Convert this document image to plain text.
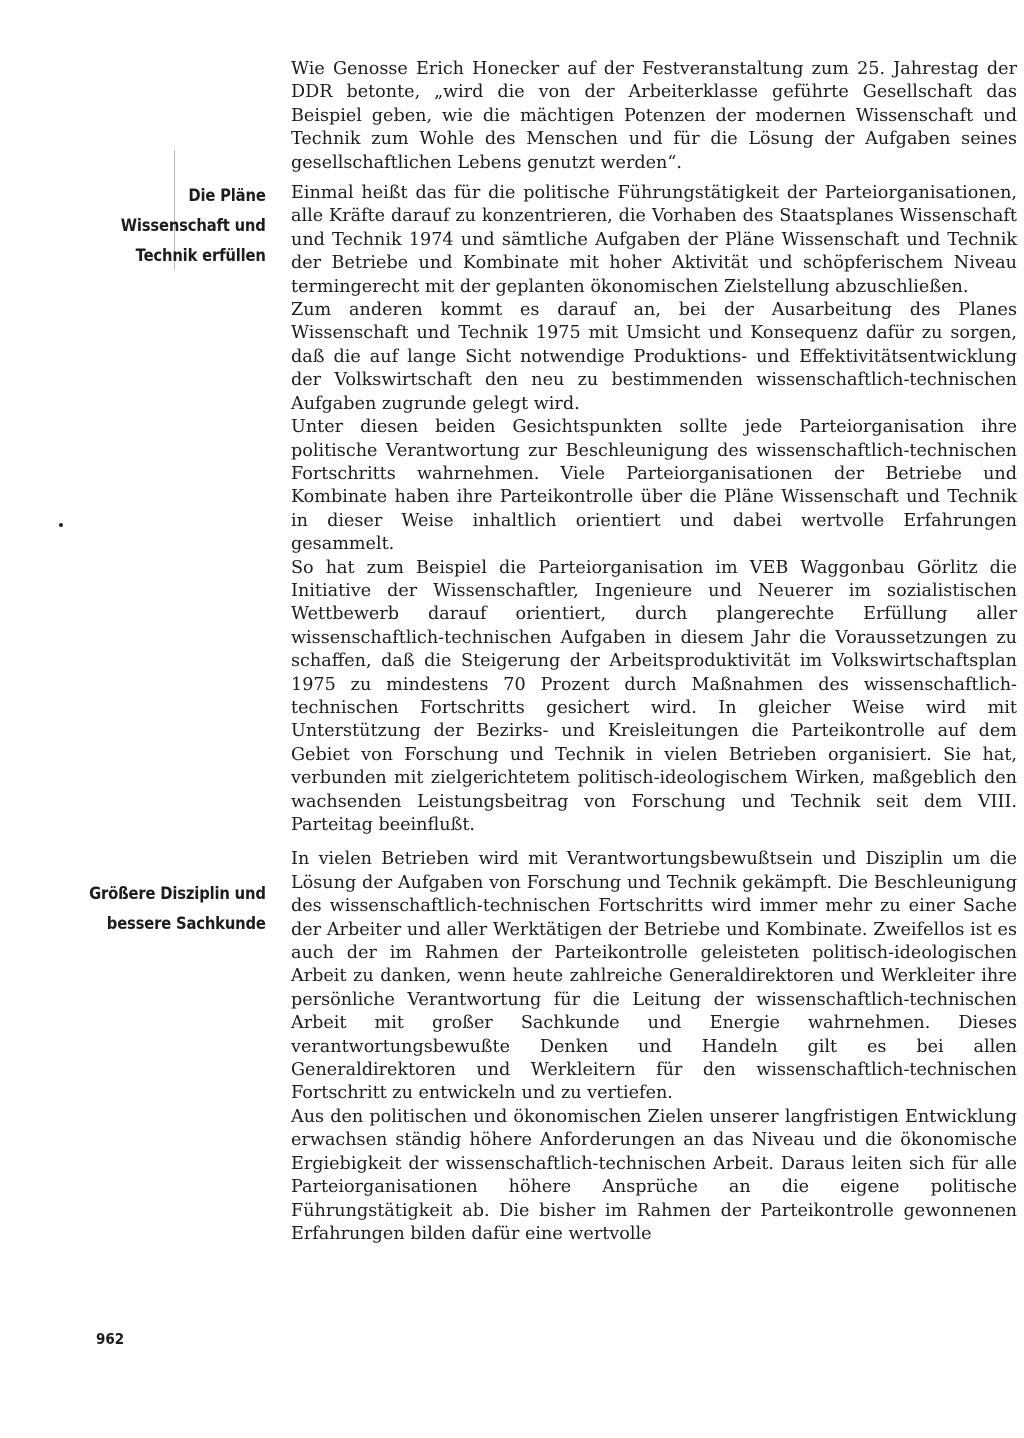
Die Pläne
Wissenschaft und
Technik erfüllen
Größere Disziplin und
bessere Sachkunde

Wie Genosse Erich Honecker auf der Festveranstaltung zum 25. Jahrestag der DDR betonte, „wird die von der Arbeiterklasse geführte Gesellschaft das Beispiel geben, wie die mächtigen Potenzen der modernen Wissenschaft und Technik zum Wohle des Menschen und für die Lösung der Aufgaben seines gesellschaftlichen Lebens genutzt werden“.

Einmal heißt das für die politische Führungstätigkeit der Parteiorganisationen, alle Kräfte darauf zu konzentrieren, die Vorhaben des Staatsplanes Wissenschaft und Technik 1974 und sämtliche Aufgaben der Pläne Wissenschaft und Technik der Betriebe und Kombinate mit hoher Aktivität und schöpferischem Niveau termingerecht mit der geplanten ökonomischen Zielstellung abzuschließen.

Zum anderen kommt es darauf an, bei der Ausarbeitung des Planes Wissenschaft und Technik 1975 mit Umsicht und Konsequenz dafür zu sorgen, daß die auf lange Sicht notwendige Produktions- und Effektivitätsentwicklung der Volkswirtschaft den neu zu bestimmenden wissenschaftlich-technischen Aufgaben zugrunde gelegt wird.

Unter diesen beiden Gesichtspunkten sollte jede Parteiorganisation ihre politische Verantwortung zur Beschleunigung des wissenschaftlich-technischen Fortschritts wahrnehmen. Viele Parteiorganisationen der Betriebe und Kombinate haben ihre Parteikontrolle über die Pläne Wissenschaft und Technik in dieser Weise inhaltlich orientiert und dabei wertvolle Erfahrungen gesammelt.

So hat zum Beispiel die Parteiorganisation im VEB Waggonbau Görlitz die Initiative der Wissenschaftler, Ingenieure und Neuerer im sozialistischen Wettbewerb darauf orientiert, durch plangerechte Erfüllung aller wissenschaftlich-technischen Aufgaben in diesem Jahr die Voraussetzungen zu schaffen, daß die Steigerung der Arbeitsproduktivität im Volkswirtschaftsplan 1975 zu mindestens 70 Prozent durch Maßnahmen des wissenschaftlich-technischen Fortschritts gesichert wird. In gleicher Weise wird mit Unterstützung der Bezirks- und Kreisleitungen die Parteikontrolle auf dem Gebiet von Forschung und Technik in vielen Betrieben organisiert. Sie hat, verbunden mit zielgerichtetem politisch-ideologischem Wirken, maßgeblich den wachsenden Leistungsbeitrag von Forschung und Technik seit dem VIII. Parteitag beeinflußt.

In vielen Betrieben wird mit Verantwortungsbewußtsein und Disziplin um die Lösung der Aufgaben von Forschung und Technik gekämpft. Die Beschleunigung des wissenschaftlich-technischen Fortschritts wird immer mehr zu einer Sache der Arbeiter und aller Werktätigen der Betriebe und Kombinate. Zweifellos ist es auch der im Rahmen der Parteikontrolle geleisteten politisch-ideologischen Arbeit zu danken, wenn heute zahlreiche Generaldirektoren und Werkleiter ihre persönliche Verantwortung für die Leitung der wissenschaftlich-technischen Arbeit mit großer Sachkunde und Energie wahrnehmen. Dieses verantwortungsbewußte Denken und Handeln gilt es bei allen Generaldirektoren und Werkleitern für den wissenschaftlich-technischen Fortschritt zu entwickeln und zu vertiefen.

Aus den politischen und ökonomischen Zielen unserer langfristigen Entwicklung erwachsen ständig höhere Anforderungen an das Niveau und die ökonomische Ergiebigkeit der wissenschaftlich-technischen Arbeit. Daraus leiten sich für alle Parteiorganisationen höhere Ansprüche an die eigene politische Führungstätigkeit ab. Die bisher im Rahmen der Parteikontrolle gewonnenen Erfahrungen bilden dafür eine wertvolle

962
